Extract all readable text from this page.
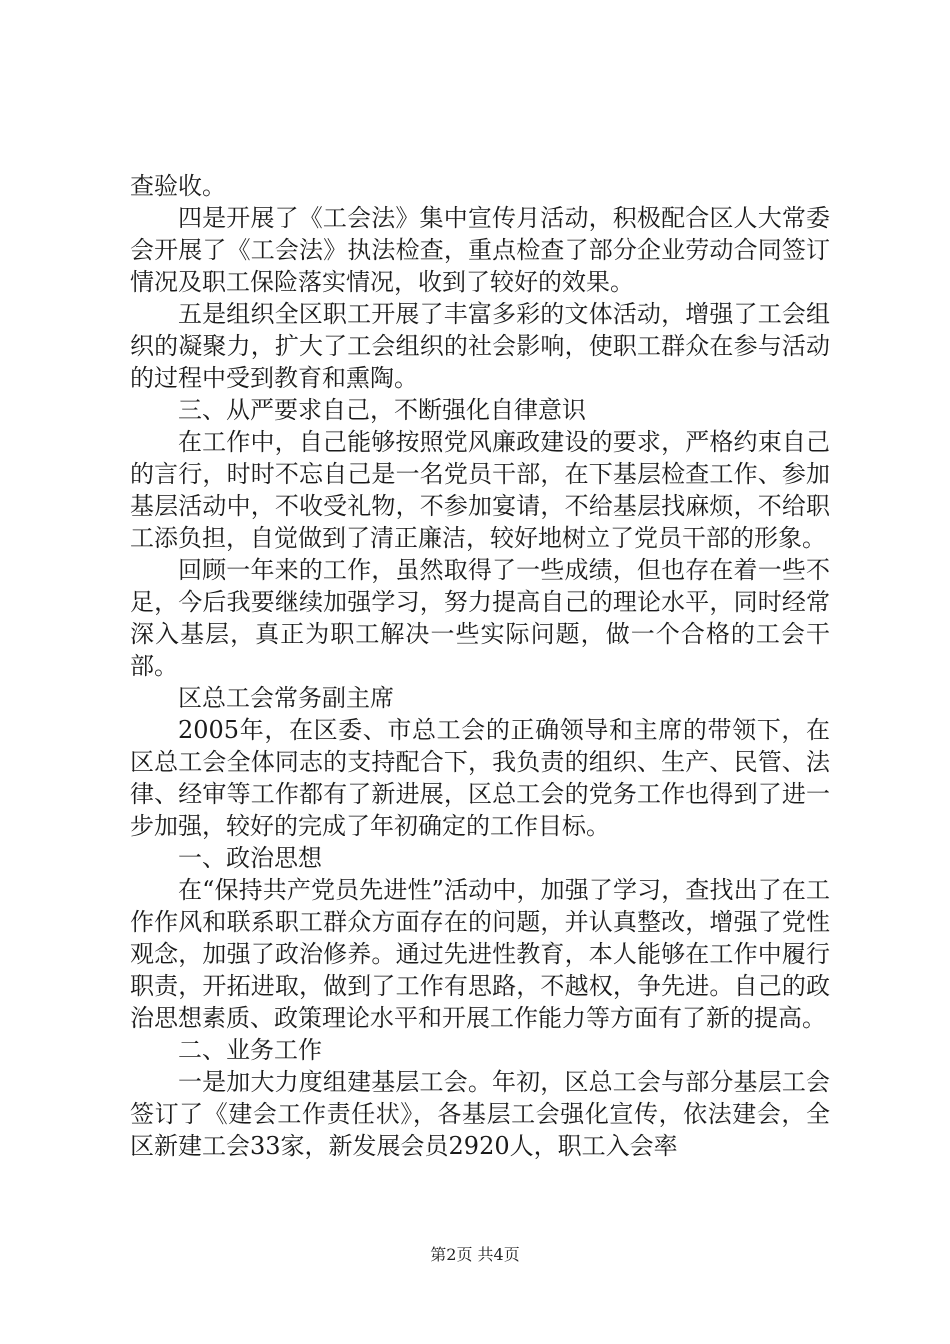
查验收。

四是开展了《工会法》集中宣传月活动，积极配合区人大常委会开展了《工会法》执法检查，重点检查了部分企业劳动合同签订情况及职工保险落实情况，收到了较好的效果。

五是组织全区职工开展了丰富多彩的文体活动，增强了工会组织的凝聚力，扩大了工会组织的社会影响，使职工群众在参与活动的过程中受到教育和熏陶。

三、从严要求自己，不断强化自律意识

在工作中，自己能够按照党风廉政建设的要求，严格约束自己的言行，时时不忘自己是一名党员干部，在下基层检查工作、参加基层活动中，不收受礼物，不参加宴请，不给基层找麻烦，不给职工添负担，自觉做到了清正廉洁，较好地树立了党员干部的形象。

回顾一年来的工作，虽然取得了一些成绩，但也存在着一些不足，今后我要继续加强学习，努力提高自己的理论水平，同时经常深入基层，真正为职工解决一些实际问题，做一个合格的工会干部。

区总工会常务副主席

2005年，在区委、市总工会的正确领导和主席的带领下，在区总工会全体同志的支持配合下，我负责的组织、生产、民管、法律、经审等工作都有了新进展，区总工会的党务工作也得到了进一步加强，较好的完成了年初确定的工作目标。

一、政治思想

在“保持共产党员先进性”活动中，加强了学习，查找出了在工作作风和联系职工群众方面存在的问题，并认真整改，增强了党性观念，加强了政治修养。通过先进性教育，本人能够在工作中履行职责，开拓进取，做到了工作有思路，不越权，争先进。自己的政治思想素质、政策理论水平和开展工作能力等方面有了新的提高。

二、业务工作

一是加大力度组建基层工会。年初，区总工会与部分基层工会签订了《建会工作责任状》，各基层工会强化宣传，依法建会，全区新建工会33家，新发展会员2920人，职工入会率

第2页 共4页
